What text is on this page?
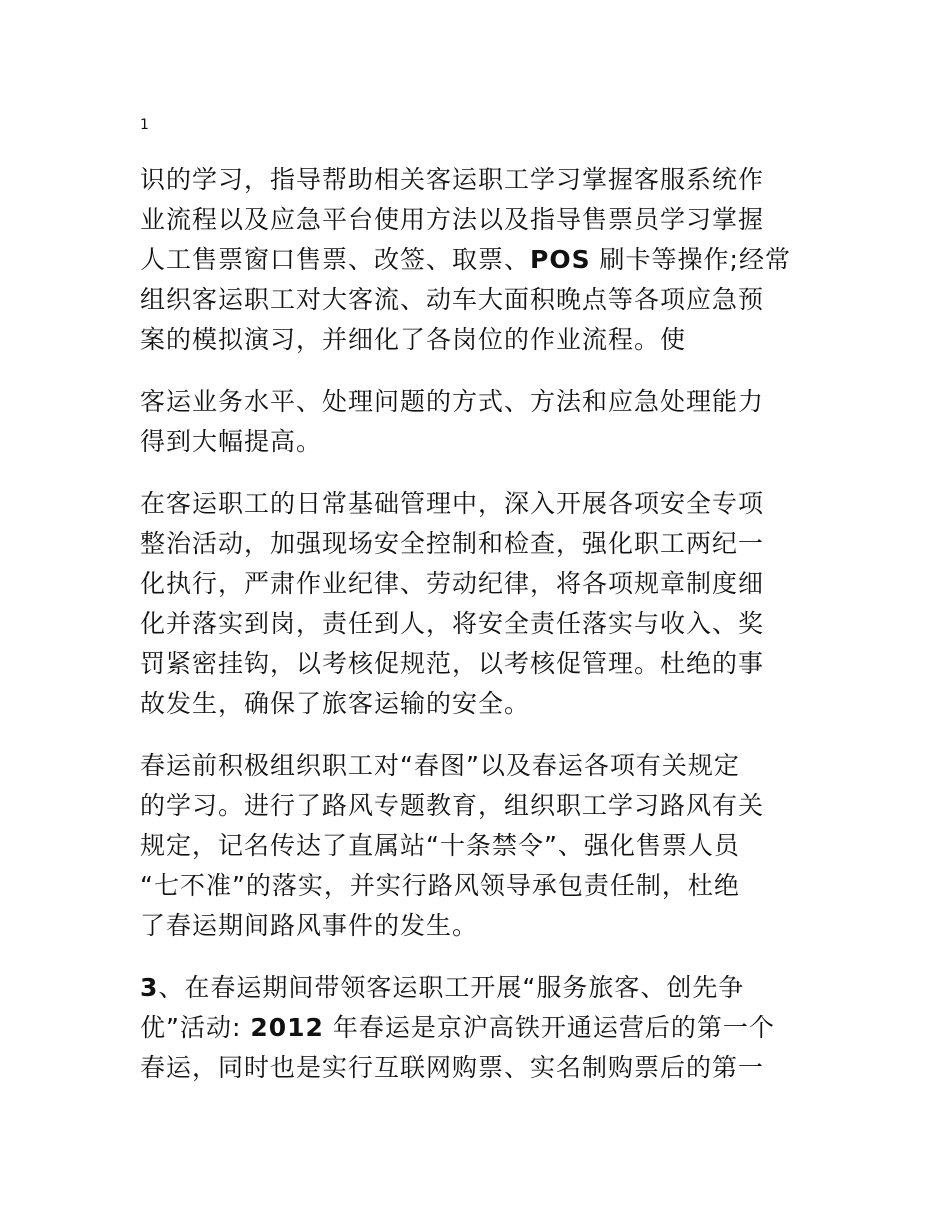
1
识的学习，指导帮助相关客运职工学习掌握客服系统作
业流程以及应急平台使用方法以及指导售票员学习掌握
人工售票窗口售票、改签、取票、POS 刷卡等操作;经常
组织客运职工对大客流、动车大面积晚点等各项应急预
案的模拟演习，并细化了各岗位的作业流程。使
客运业务水平、处理问题的方式、方法和应急处理能力
得到大幅提高。
在客运职工的日常基础管理中，深入开展各项安全专项
整治活动，加强现场安全控制和检查，强化职工两纪一
化执行，严肃作业纪律、劳动纪律，将各项规章制度细
化并落实到岗，责任到人，将安全责任落实与收入、奖
罚紧密挂钩，以考核促规范，以考核促管理。杜绝的事
故发生，确保了旅客运输的安全。
春运前积极组织职工对“春图”以及春运各项有关规定
的学习。进行了路风专题教育，组织职工学习路风有关
规定，记名传达了直属站“十条禁令”、强化售票人员
“七不准”的落实，并实行路风领导承包责任制，杜绝
了春运期间路风事件的发生。
3、在春运期间带领客运职工开展“服务旅客、创先争
优”活动: 2012 年春运是京沪高铁开通运营后的第一个
春运，同时也是实行互联网购票、实名制购票后的第一
